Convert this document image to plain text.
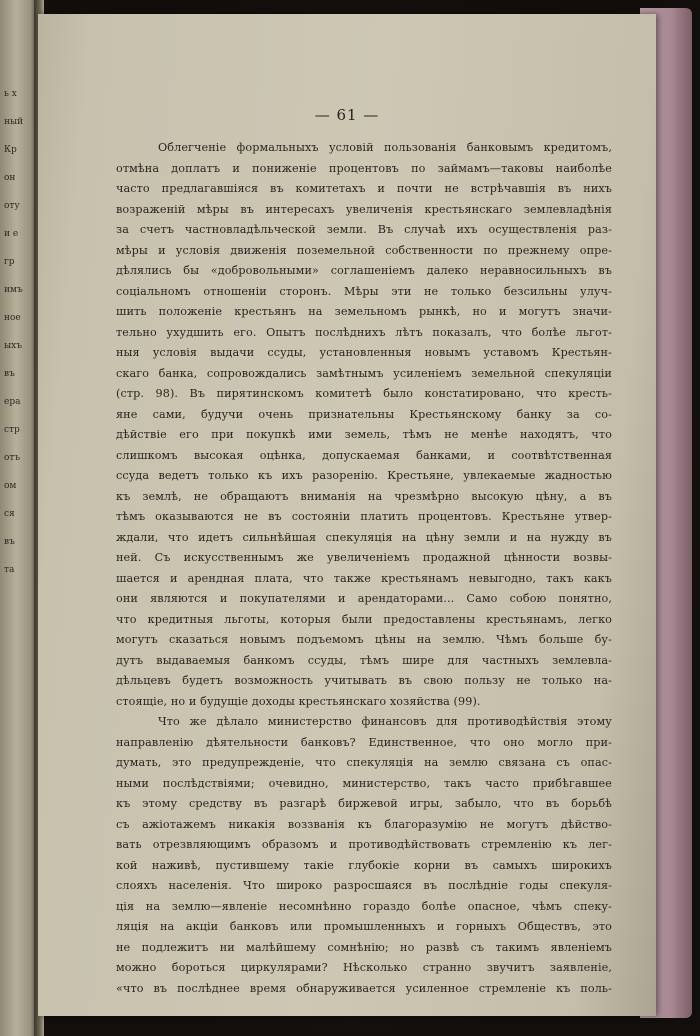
ь х
ный
Кр
он
оту
и е
гр
имъ
ное
ыхъ
въ
ера
стр
отъ
ом
ся
въ
та
— 61 —
Облегченіе формальныхъ условій пользованія банковымъ кредитомъ,
отмѣна доплатъ и пониженіе процентовъ по займамъ—таковы наиболѣе
часто предлагавшіяся въ комитетахъ и почти не встрѣчавшія въ нихъ
возраженій мѣры въ интересахъ увеличенія крестьянскаго землевладѣнія
за счетъ частновладѣльческой земли. Въ случаѣ ихъ осуществленія раз-
мѣры и условія движенія поземельной собственности по прежнему опре-
дѣлялись бы «добровольными» соглашеніемъ далеко неравносильныхъ въ
соціальномъ отношеніи сторонъ. Мѣры эти не только безсильны улуч-
шить положеніе крестьянъ на земельномъ рынкѣ, но и могутъ значи-
тельно ухудшить его. Опытъ послѣднихъ лѣтъ показалъ, что болѣе льгот-
ныя условія выдачи ссуды, установленныя новымъ уставомъ Крестьян-
скаго банка, сопровождались замѣтнымъ усиленіемъ земельной спекуляціи
(стр. 98). Въ пирятинскомъ комитетѣ было констатировано, что кресть-
яне сами, будучи очень признательны Крестьянскому банку за со-
дѣйствіе его при покупкѣ ими земель, тѣмъ не менѣе находятъ, что
слишкомъ высокая оцѣнка, допускаемая банками, и соотвѣтственная
ссуда ведетъ только къ ихъ разоренію. Крестьяне, увлекаемые жадностью
къ землѣ, не обращаютъ вниманія на чрезмѣрно высокую цѣну, а въ
тѣмъ оказываются не въ состояніи платить процентовъ. Крестьяне утвер-
ждали, что идетъ сильнѣйшая спекуляція на цѣну земли и на нужду въ
ней. Съ искусственнымъ же увеличеніемъ продажной цѣнности возвы-
шается и арендная плата, что также крестьянамъ невыгодно, такъ какъ
они являются и покупателями и арендаторами... Само собою понятно,
что кредитныя льготы, которыя были предоставлены крестьянамъ, легко
могутъ сказаться новымъ подъемомъ цѣны на землю. Чѣмъ больше бу-
дутъ выдаваемыя банкомъ ссуды, тѣмъ шире для частныхъ землевла-
дѣльцевъ будетъ возможность учитывать въ свою пользу не только на-
стоящіе, но и будущіе доходы крестьянскаго хозяйства (99).
Что же дѣлало министерство финансовъ для противодѣйствія этому
направленію дѣятельности банковъ? Единственное, что оно могло при-
думать, это предупрежденіе, что спекуляція на землю связана съ опас-
ными послѣдствіями; очевидно, министерство, такъ часто прибѣгавшее
къ этому средству въ разгарѣ биржевой игры, забыло, что въ борьбѣ
съ ажіотажемъ никакія воззванія къ благоразумію не могутъ дѣйство-
вать отрезвляющимъ образомъ и противодѣйствовать стремленію къ лег-
кой наживѣ, пустившему такіе глубокіе корни въ самыхъ широкихъ
слояхъ населенія. Что широко разросшаяся въ послѣдніе годы спекуля-
ція на землю—явленіе несомнѣнно гораздо болѣе опасное, чѣмъ спеку-
ляція на акціи банковъ или промышленныхъ и горныхъ Обществъ, это
не подлежитъ ни малѣйшему сомнѣнію; но развѣ съ такимъ явленіемъ
можно бороться циркулярами? Нѣсколько странно звучитъ заявленіе,
«что въ послѣднее время обнаруживается усиленное стремленіе къ поль-
